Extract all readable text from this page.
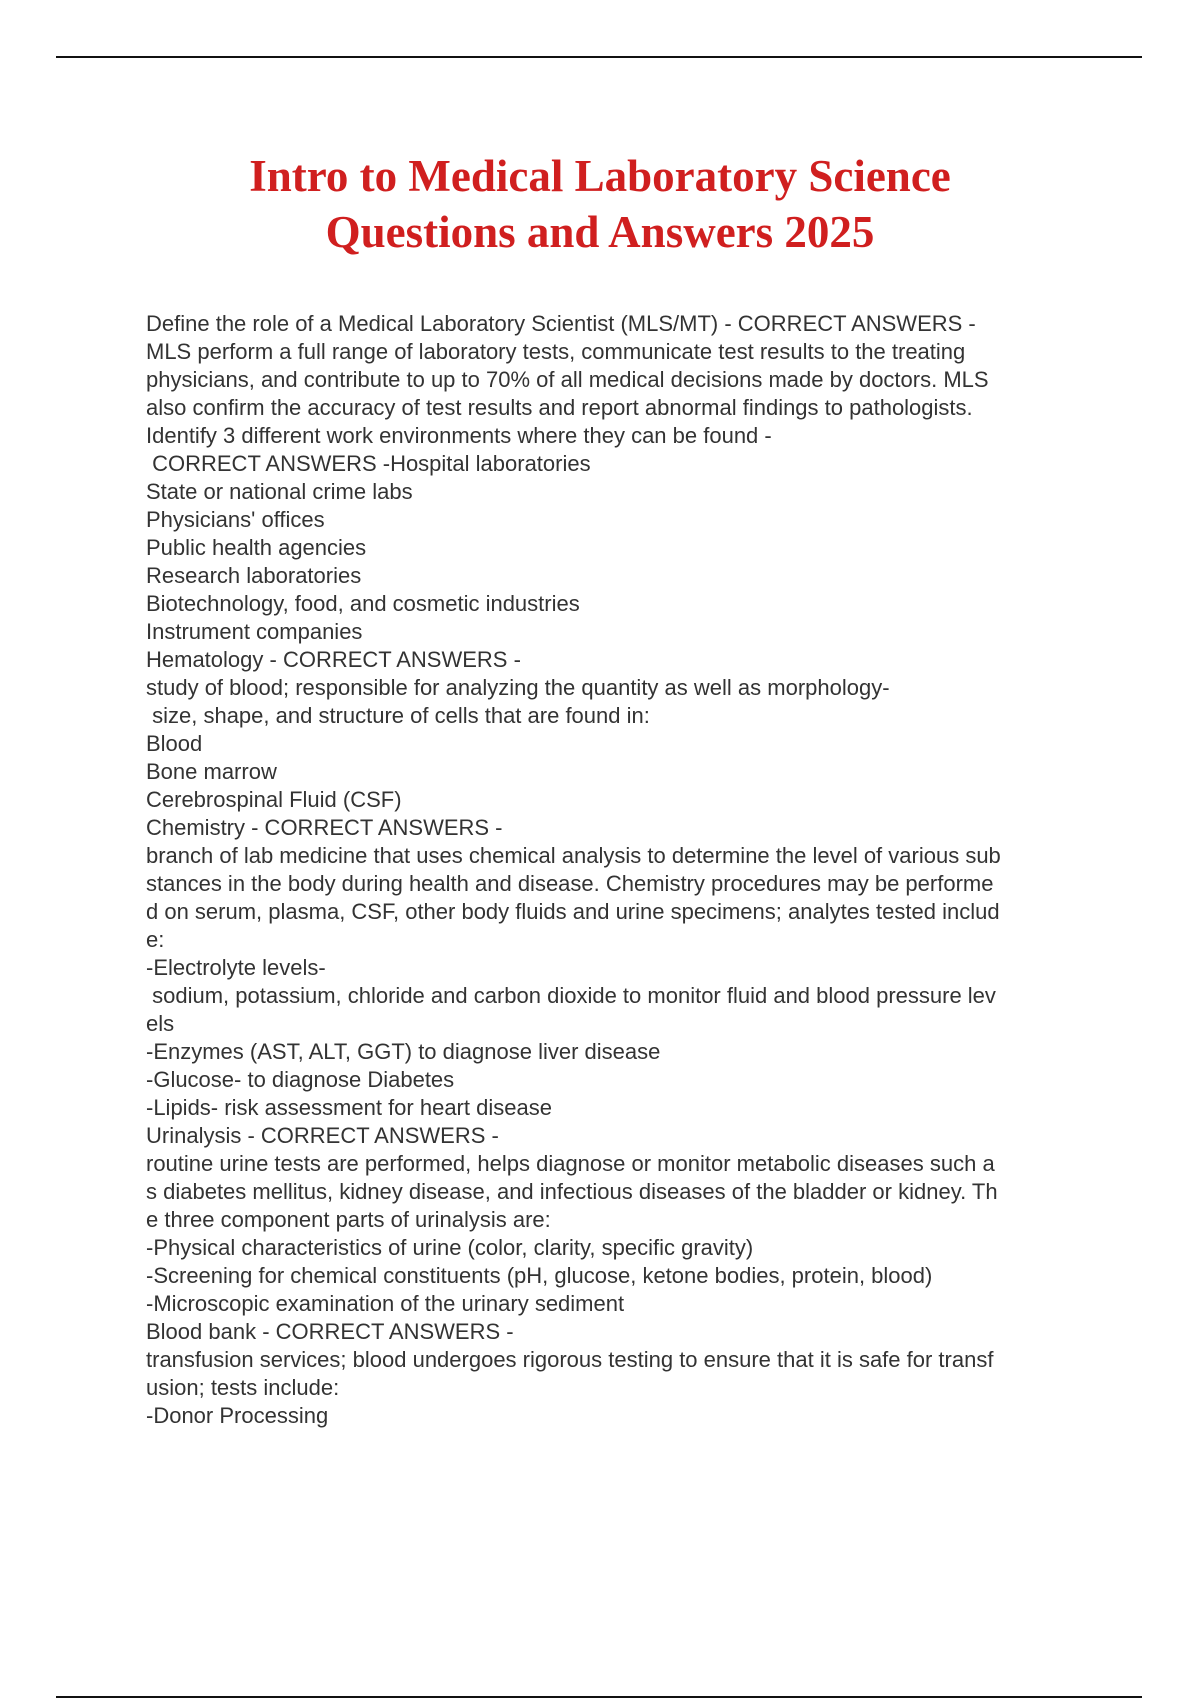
Intro to Medical Laboratory Science
Questions and Answers 2025
Define the role of a Medical Laboratory Scientist (MLS/MT) - CORRECT ANSWERS -
MLS perform a full range of laboratory tests, communicate test results to the treating
physicians, and contribute to up to 70% of all medical decisions made by doctors. MLS
also confirm the accuracy of test results and report abnormal findings to pathologists.
Identify 3 different work environments where they can be found -
CORRECT ANSWERS -Hospital laboratories
State or national crime labs
Physicians' offices
Public health agencies
Research laboratories
Biotechnology, food, and cosmetic industries
Instrument companies
Hematology - CORRECT ANSWERS -
study of blood; responsible for analyzing the quantity as well as morphology-
size, shape, and structure of cells that are found in:
Blood
Bone marrow
Cerebrospinal Fluid (CSF)
Chemistry - CORRECT ANSWERS -
branch of lab medicine that uses chemical analysis to determine the level of various sub
stances in the body during health and disease. Chemistry procedures may be performe
d on serum, plasma, CSF, other body fluids and urine specimens; analytes tested includ
e:
-Electrolyte levels-
sodium, potassium, chloride and carbon dioxide to monitor fluid and blood pressure lev
els
-Enzymes (AST, ALT, GGT) to diagnose liver disease
-Glucose- to diagnose Diabetes
-Lipids- risk assessment for heart disease
Urinalysis - CORRECT ANSWERS -
routine urine tests are performed, helps diagnose or monitor metabolic diseases such a
s diabetes mellitus, kidney disease, and infectious diseases of the bladder or kidney. Th
e three component parts of urinalysis are:
-Physical characteristics of urine (color, clarity, specific gravity)
-Screening for chemical constituents (pH, glucose, ketone bodies, protein, blood)
-Microscopic examination of the urinary sediment
Blood bank - CORRECT ANSWERS -
transfusion services; blood undergoes rigorous testing to ensure that it is safe for transf
usion; tests include:
-Donor Processing
